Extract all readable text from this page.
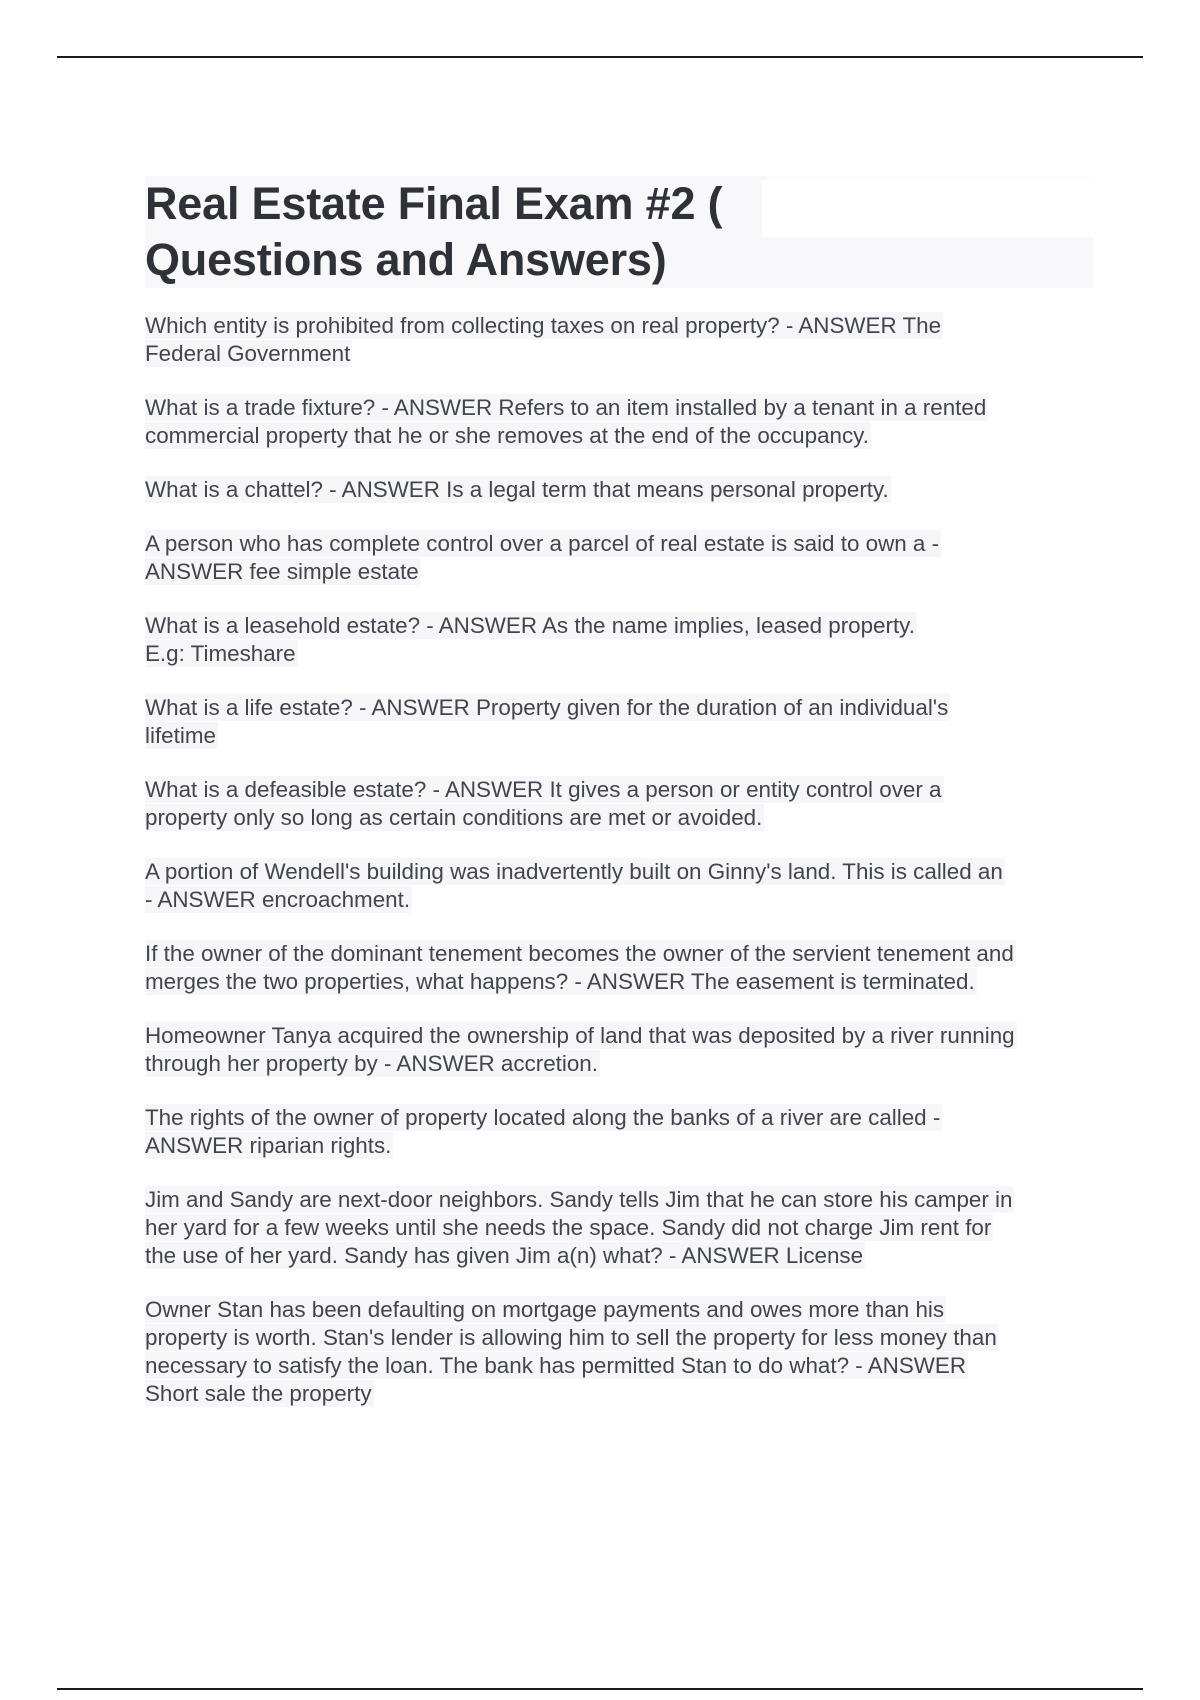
Real Estate Final Exam #2 (
Questions and Answers)
Which entity is prohibited from collecting taxes on real property? - ANSWER The
Federal Government
What is a trade fixture? - ANSWER Refers to an item installed by a tenant in a rented
commercial property that he or she removes at the end of the occupancy.
What is a chattel? - ANSWER Is a legal term that means personal property.
A person who has complete control over a parcel of real estate is said to own a -
ANSWER fee simple estate
What is a leasehold estate? - ANSWER As the name implies, leased property.
E.g: Timeshare
What is a life estate? - ANSWER Property given for the duration of an individual's
lifetime
What is a defeasible estate? - ANSWER It gives a person or entity control over a
property only so long as certain conditions are met or avoided.
A portion of Wendell's building was inadvertently built on Ginny's land. This is called an
- ANSWER encroachment.
If the owner of the dominant tenement becomes the owner of the servient tenement and
merges the two properties, what happens? - ANSWER The easement is terminated.
Homeowner Tanya acquired the ownership of land that was deposited by a river running
through her property by - ANSWER accretion.
The rights of the owner of property located along the banks of a river are called -
ANSWER riparian rights.
Jim and Sandy are next-door neighbors. Sandy tells Jim that he can store his camper in
her yard for a few weeks until she needs the space. Sandy did not charge Jim rent for
the use of her yard. Sandy has given Jim a(n) what? - ANSWER License
Owner Stan has been defaulting on mortgage payments and owes more than his
property is worth. Stan's lender is allowing him to sell the property for less money than
necessary to satisfy the loan. The bank has permitted Stan to do what? - ANSWER
Short sale the property
